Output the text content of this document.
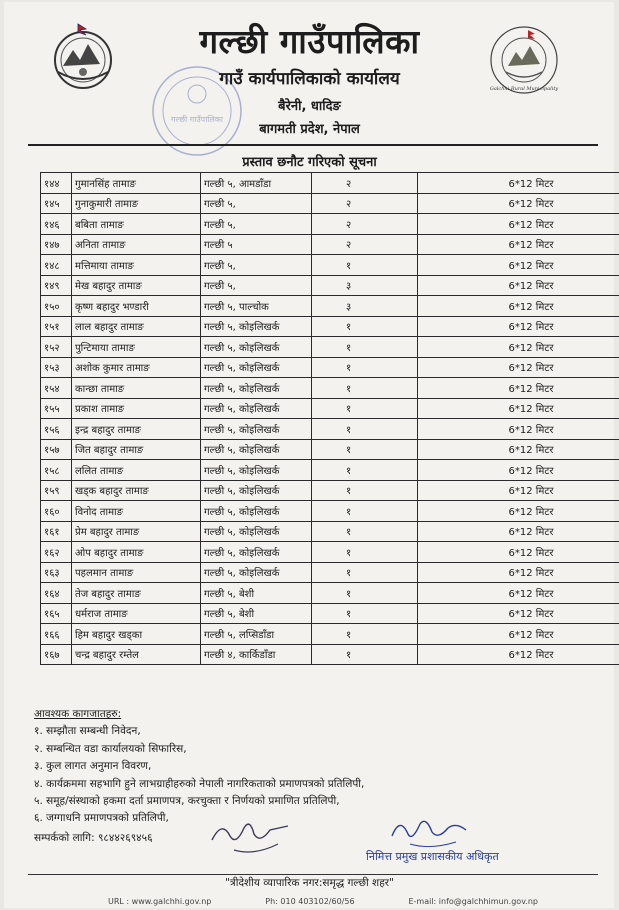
Galchhi Rural Municipality
गल्छी गाउँपालिका
गल्छी गाउँपालिका
गाउँ कार्यपालिकाको कार्यालय
बैरेनी, धादिङ
बागमती प्रदेश, नेपाल
प्रस्ताव छनौट गरिएको सूचना
१४४	गुमानसिंह तामाङ	गल्छी ५, आमडाँडा	२	6*12 मिटर
१४५	गुनाकुमारी तामाङ	गल्छी ५,	२	6*12 मिटर
१४६	बबिता तामाङ	गल्छी ५,	२	6*12 मिटर
१४७	अनिता तामाङ	गल्छी ५	२	6*12 मिटर
१४८	मत्तिमाया तामाङ	गल्छी ५,	१	6*12 मिटर
१४९	मेख बहादुर तामाङ	गल्छी ५,	३	6*12 मिटर
१५०	कृष्ण बहादुर भण्डारी	गल्छी ५, पाल्चोक	३	6*12 मिटर
१५१	लाल बहादुर तामाङ	गल्छी ५, कोइलिखर्क	१	6*12 मिटर
१५२	पुन्टिमाया तामाङ	गल्छी ५, कोइलिखर्क	१	6*12 मिटर
१५३	अशोक कुमार तामाङ	गल्छी ५, कोइलिखर्क	१	6*12 मिटर
१५४	कान्छा तामाङ	गल्छी ५, कोइलिखर्क	१	6*12 मिटर
१५५	प्रकाश तामाङ	गल्छी ५, कोइलिखर्क	१	6*12 मिटर
१५६	इन्द्र बहादुर तामाङ	गल्छी ५, कोइलिखर्क	१	6*12 मिटर
१५७	जित बहादुर तामाङ	गल्छी ५, कोइलिखर्क	१	6*12 मिटर
१५८	ललित तामाङ	गल्छी ५, कोइलिखर्क	१	6*12 मिटर
१५९	खड्क बहादुर तामाङ	गल्छी ५, कोइलिखर्क	१	6*12 मिटर
१६०	विनोद तामाङ	गल्छी ५, कोइलिखर्क	१	6*12 मिटर
१६१	प्रेम बहादुर तामाङ	गल्छी ५, कोइलिखर्क	१	6*12 मिटर
१६२	ओप बहादुर तामाङ	गल्छी ५, कोइलिखर्क	१	6*12 मिटर
१६३	पहलमान तामाङ	गल्छी ५, कोइलिखर्क	१	6*12 मिटर
१६४	तेज बहादुर तामाङ	गल्छी ५, बेशी	१	6*12 मिटर
१६५	धर्मराज तामाङ	गल्छी ५, बेशी	१	6*12 मिटर
१६६	हिम बहादुर खड्का	गल्छी ५, लप्सिडाँडा	१	6*12 मिटर
१६७	चन्द्र बहादुर रम्तेल	गल्छी ४, कार्किडाँडा	१	6*12 मिटर
आवश्यक कागजातहरु:
१. सम्झौता सम्बन्धी निवेदन,
२. सम्बन्धित वडा कार्यालयको सिफारिस,
३. कुल लागत अनुमान विवरण,
४. कार्यक्रममा सहभागि हुने लाभग्राहीहरुको नेपाली नागरिकताको प्रमाणपत्रको प्रतिलिपी,
५. समूह/संस्थाको हकमा दर्ता प्रमाणपत्र, करचुक्ता र निर्णयको प्रमाणित प्रतिलिपी,
६. जग्गाधनि प्रमाणपत्रको प्रतिलिपी,
सम्पर्कको लागि: ९८४४२६९४५६
निमित्त प्रमुख प्रशासकीय अधिकृत
"त्रीदेशीय व्यापारिक नगर:समृद्ध गल्छी शहर"
URL : www.galchhi.gov.np	Ph: 010 403102/60/56	E-mail: info@galchhimun.gov.np
